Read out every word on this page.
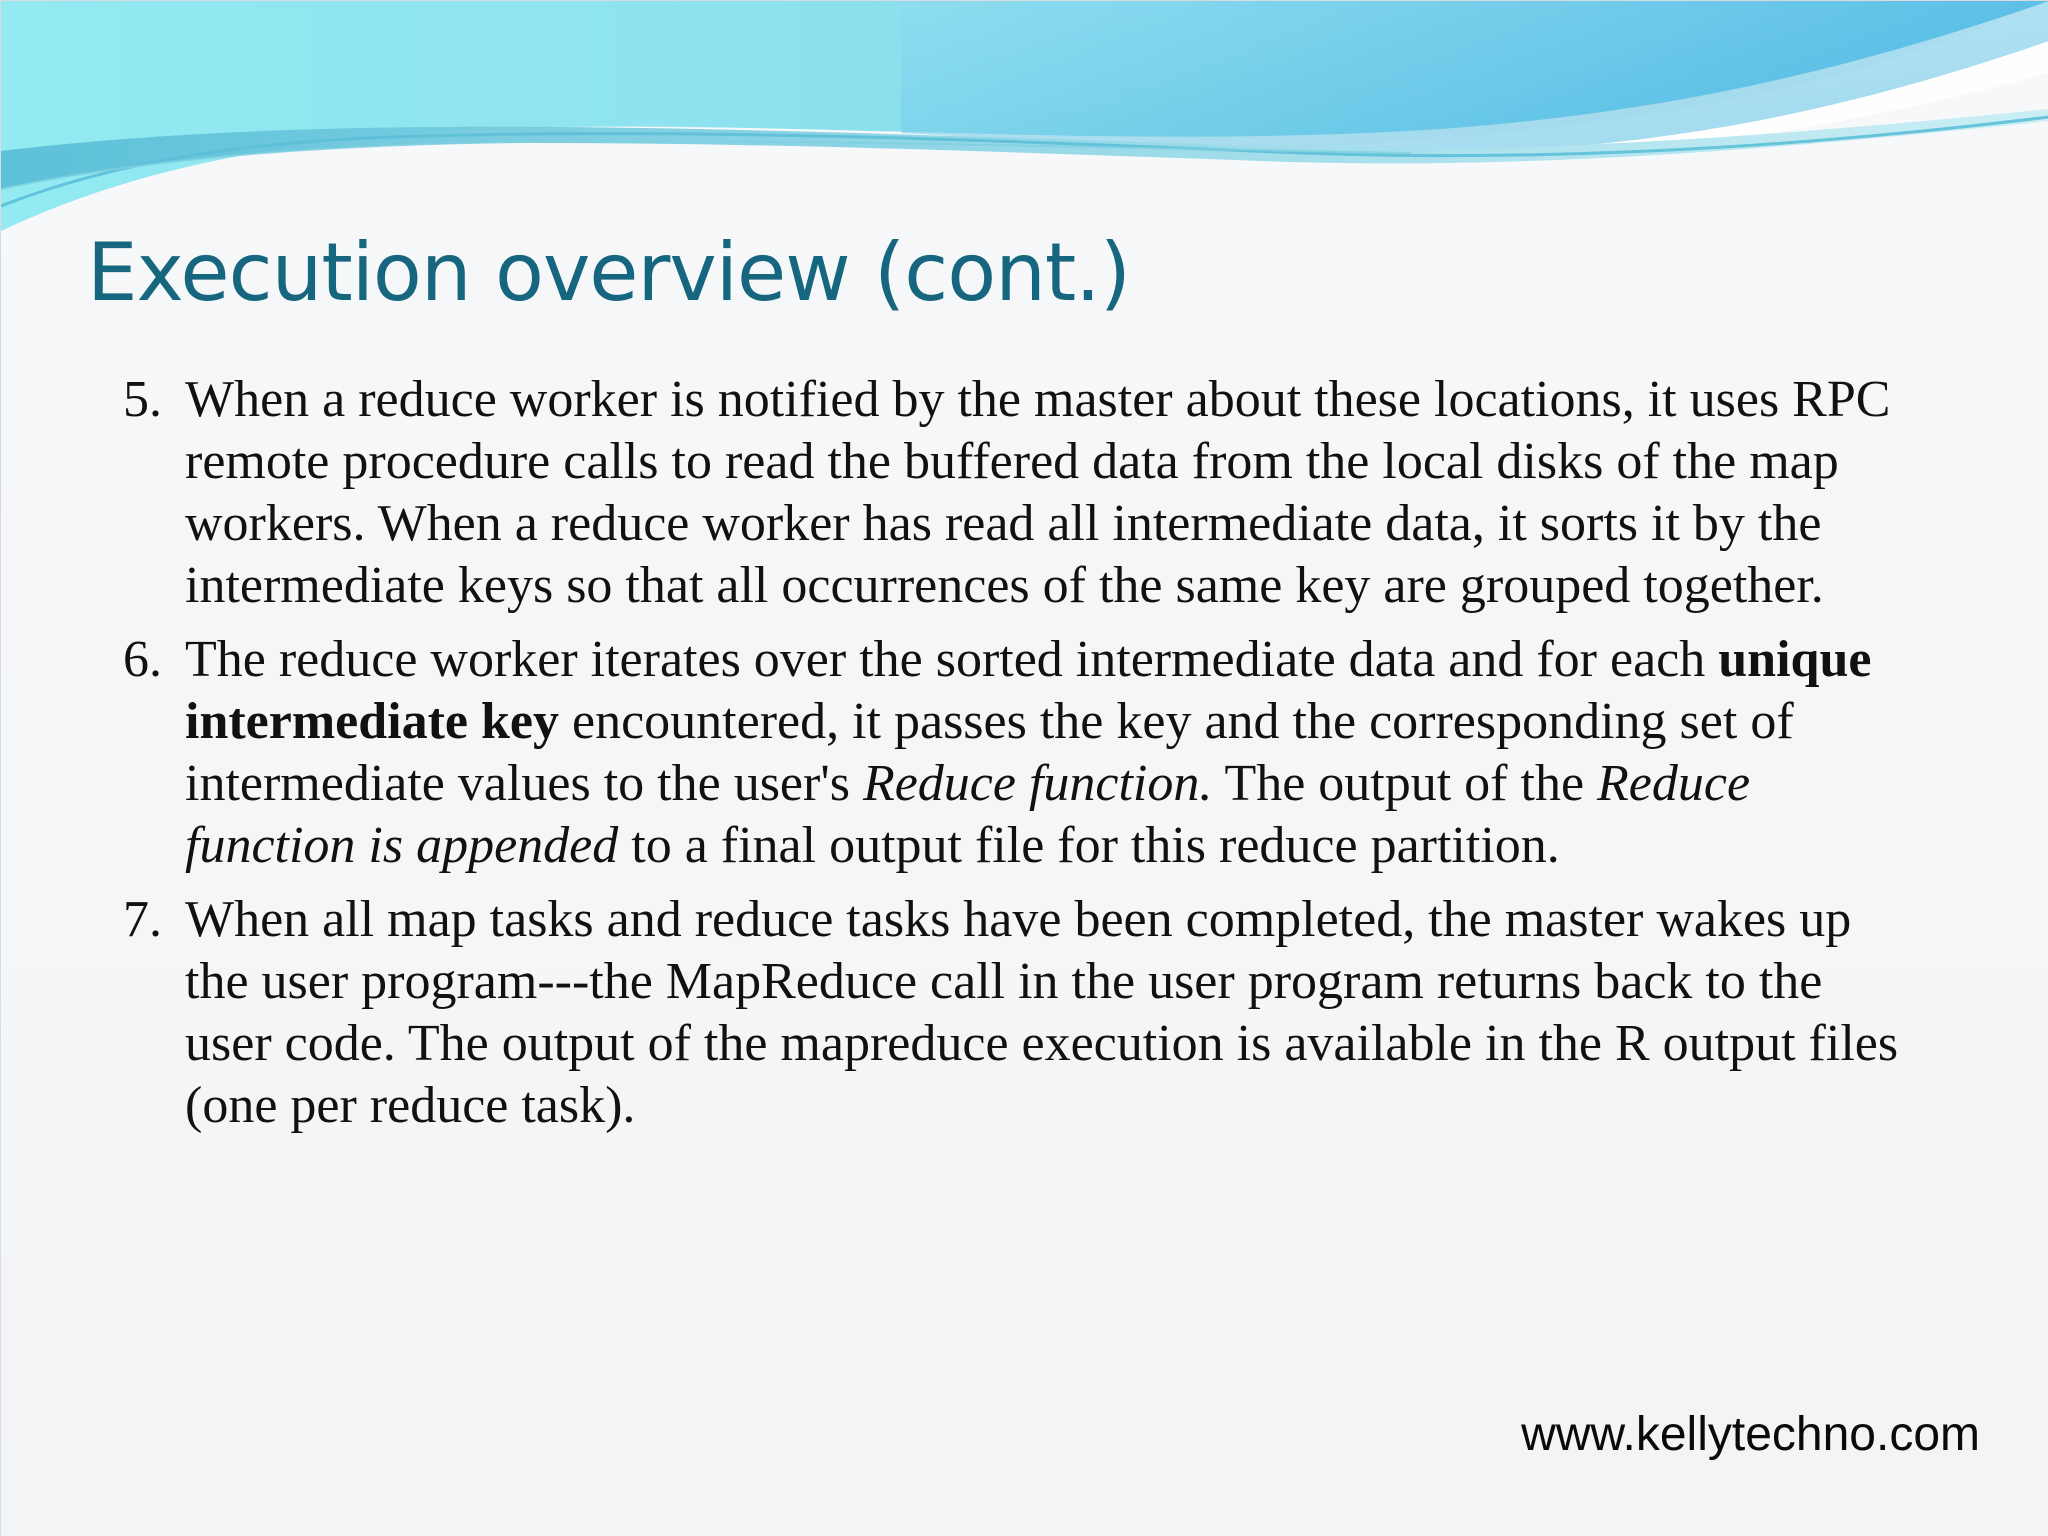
Execution overview (cont.)
5. When a reduce worker is notified by the master about these locations, it uses RPC remote procedure calls to read the buffered data from the local disks of the map workers. When a reduce worker has read all intermediate data, it sorts it by the intermediate keys so that all occurrences of the same key are grouped together.
6. The reduce worker iterates over the sorted intermediate data and for each unique intermediate key encountered, it passes the key and the corresponding set of intermediate values to the user's Reduce function. The output of the Reduce function is appended to a final output file for this reduce partition.
7. When all map tasks and reduce tasks have been completed, the master wakes up the user program---the MapReduce call in the user program returns back to the user code. The output of the mapreduce execution is available in the R output files (one per reduce task).
www.kellytechno.com
